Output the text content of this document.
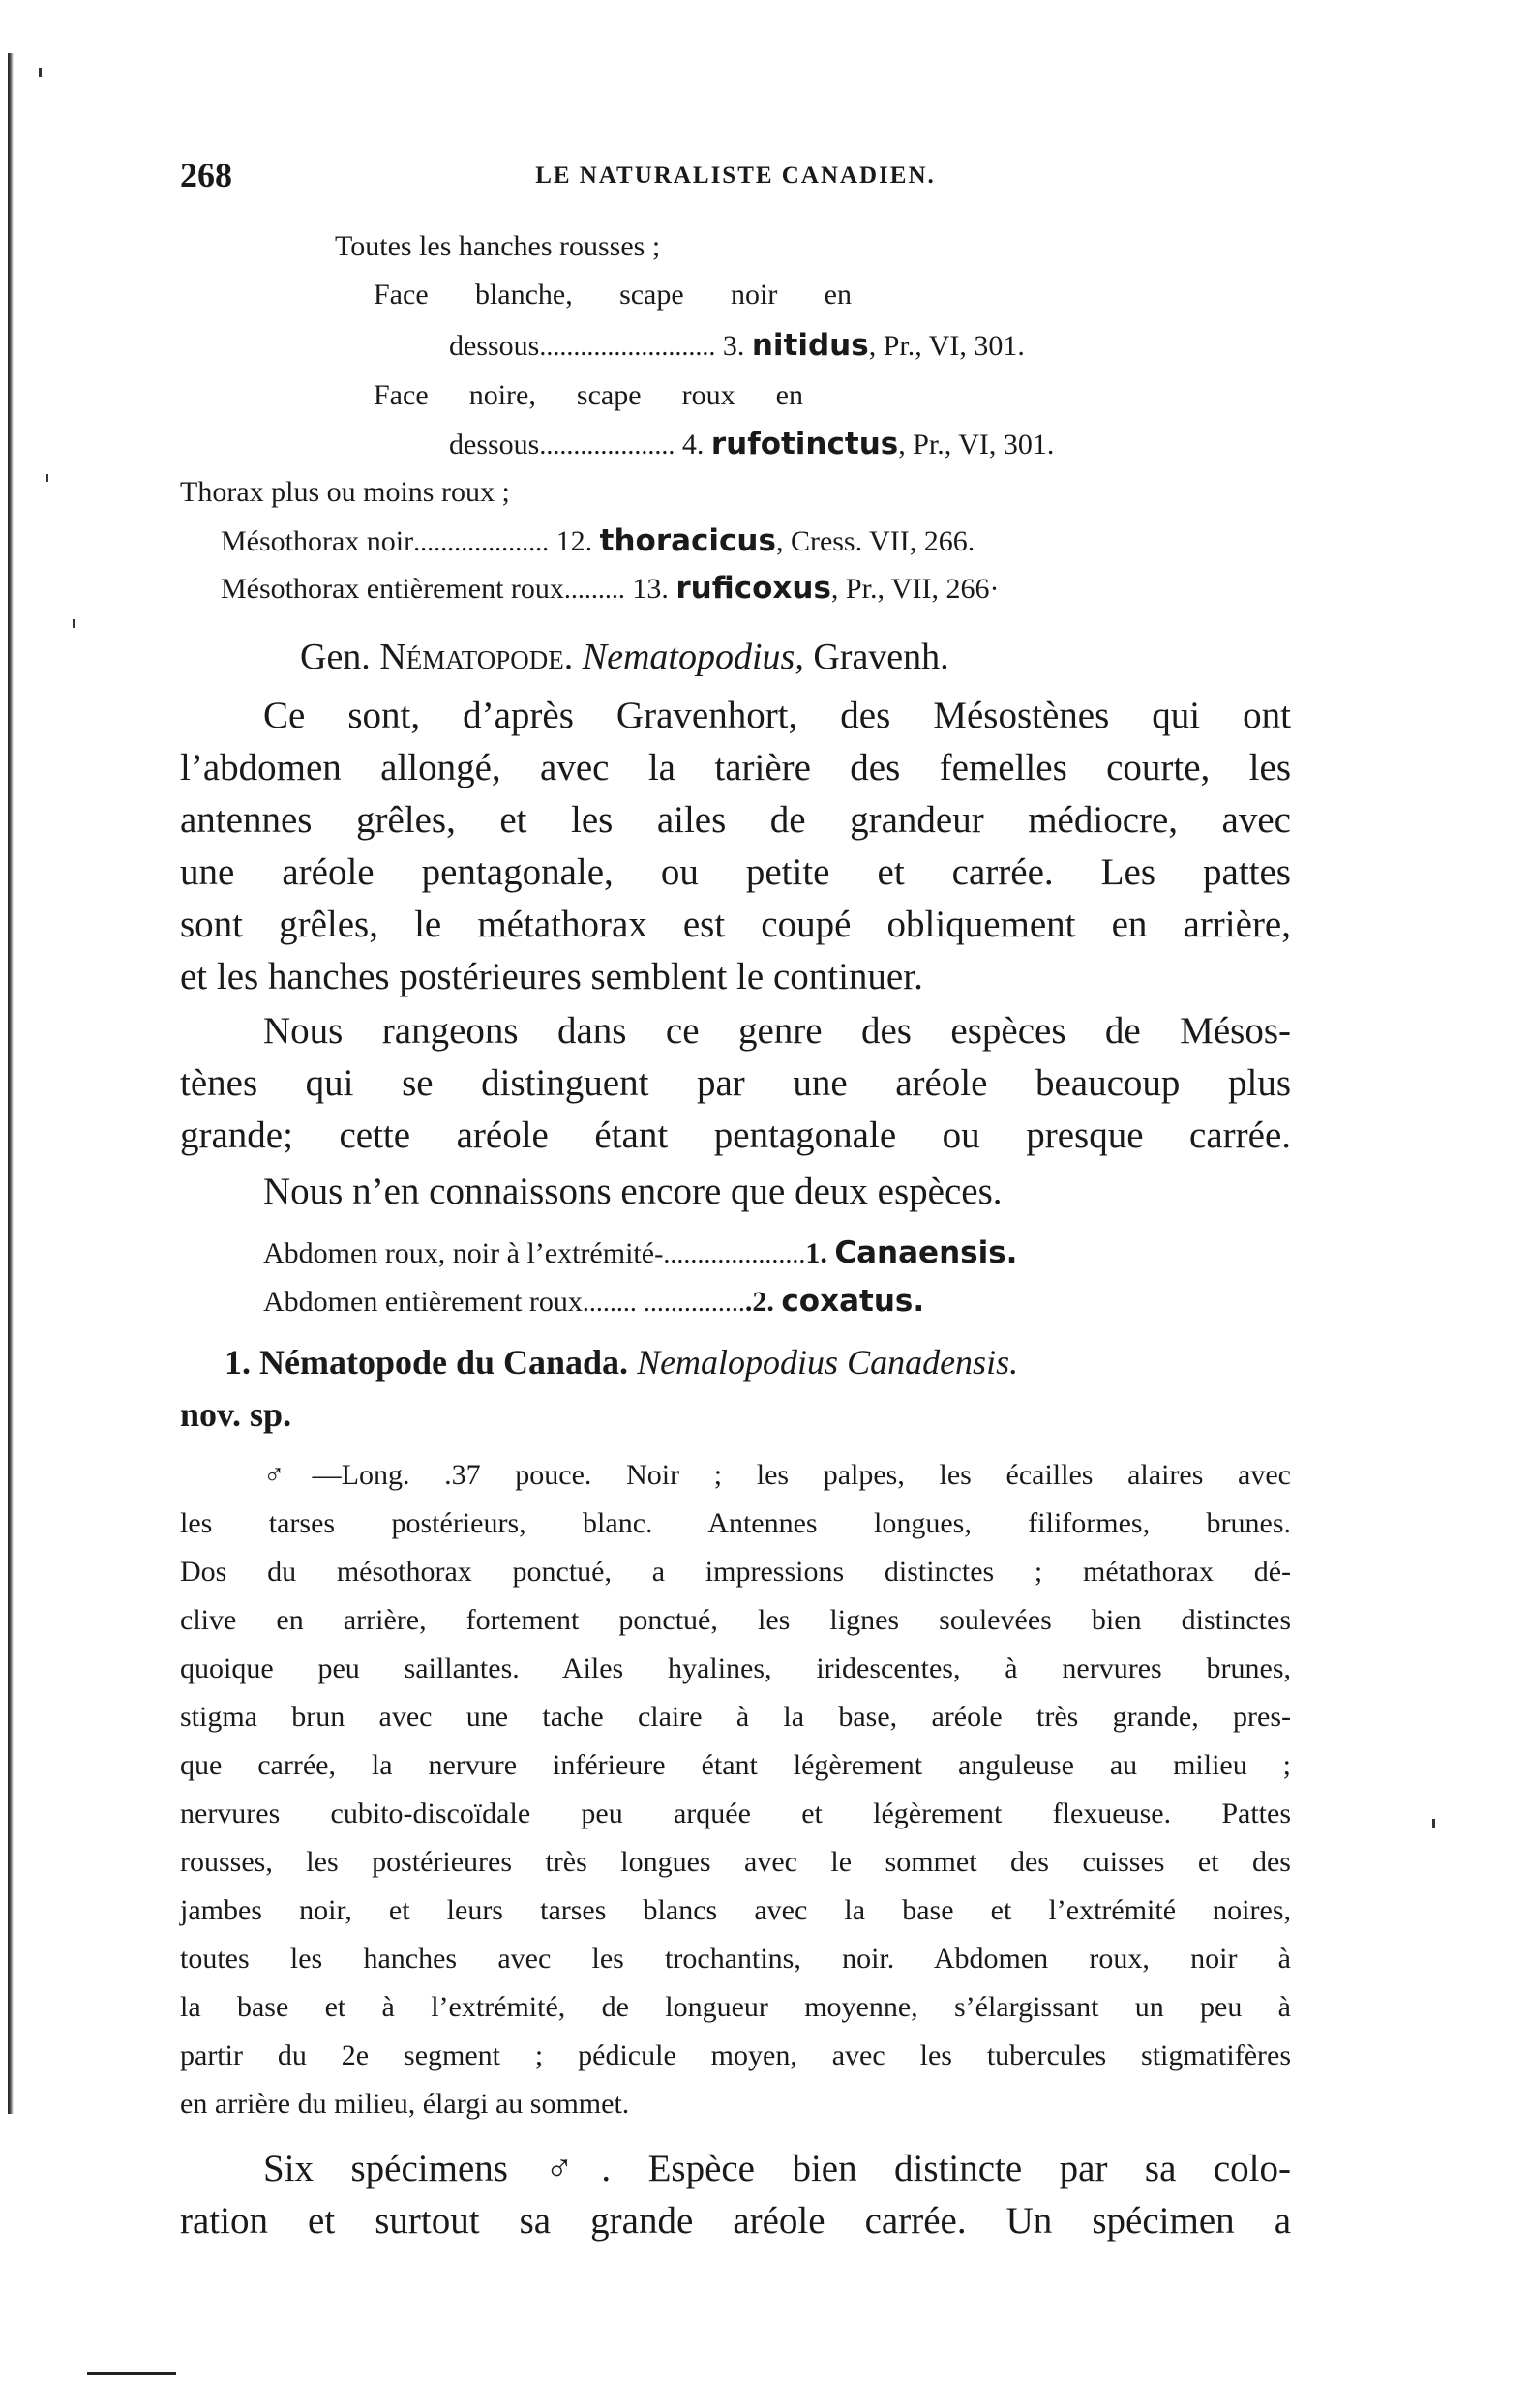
268	LE NATURALISTE CANADIEN.
Toutes les hanches rousses ;
Face blanche, scape noir en
dessous.......................... 3. nitidus, Pr., VI, 301.
Face noire, scape roux en
dessous.................... 4. rufotinctus, Pr., VI, 301.
Thorax plus ou moins roux ;
Mésothorax noir.................... 12. thoracicus, Cress. VII, 266.
Mésothorax entièrement roux......... 13. ruficoxus, Pr., VII, 266·
Gen. Nématopode. Nematopodius, Gravenh.
Ce sont, d’après Gravenhort, des Mésostènes qui ont
l’abdomen allongé, avec la tarière des femelles courte, les
antennes grêles, et les ailes de grandeur médiocre, avec
une aréole pentagonale, ou petite et carrée. Les pattes
sont grêles, le métathorax est coupé obliquement en arrière,
et les hanches postérieures semblent le continuer.
Nous rangeons dans ce genre des espèces de Mésos-
tènes qui se distinguent par une aréole beaucoup plus
grande; cette aréole étant pentagonale ou presque carrée.
Nous n’en connaissons encore que deux espèces.
Abdomen roux, noir à l’extrémité-.....................1. Canaensis.
Abdomen entièrement roux........ ................2. coxatus.
1. Nématopode du Canada. Nemalopodius Canadensis.
nov. sp.
♂—Long. .37 pouce. Noir ; les palpes, les écailles alaires avec
les tarses postérieurs, blanc. Antennes longues, filiformes, brunes.
Dos du mésothorax ponctué, a impressions distinctes ; métathorax dé-
clive en arrière, fortement ponctué, les lignes soulevées bien distinctes
quoique peu saillantes. Ailes hyalines, iridescentes, à nervures brunes,
stigma brun avec une tache claire à la base, aréole très grande, pres-
que carrée, la nervure inférieure étant légèrement anguleuse au milieu ;
nervures cubito-discoïdale peu arquée et légèrement flexueuse. Pattes
rousses, les postérieures très longues avec le sommet des cuisses et des
jambes noir, et leurs tarses blancs avec la base et l’extrémité noires,
toutes les hanches avec les trochantins, noir. Abdomen roux, noir à
la base et à l’extrémité, de longueur moyenne, s’élargissant un peu à
partir du 2e segment ; pédicule moyen, avec les tubercules stigmatifères
en arrière du milieu, élargi au sommet.
Six spécimens ♂. Espèce bien distincte par sa colo-
ration et surtout sa grande aréole carrée. Un spécimen a
